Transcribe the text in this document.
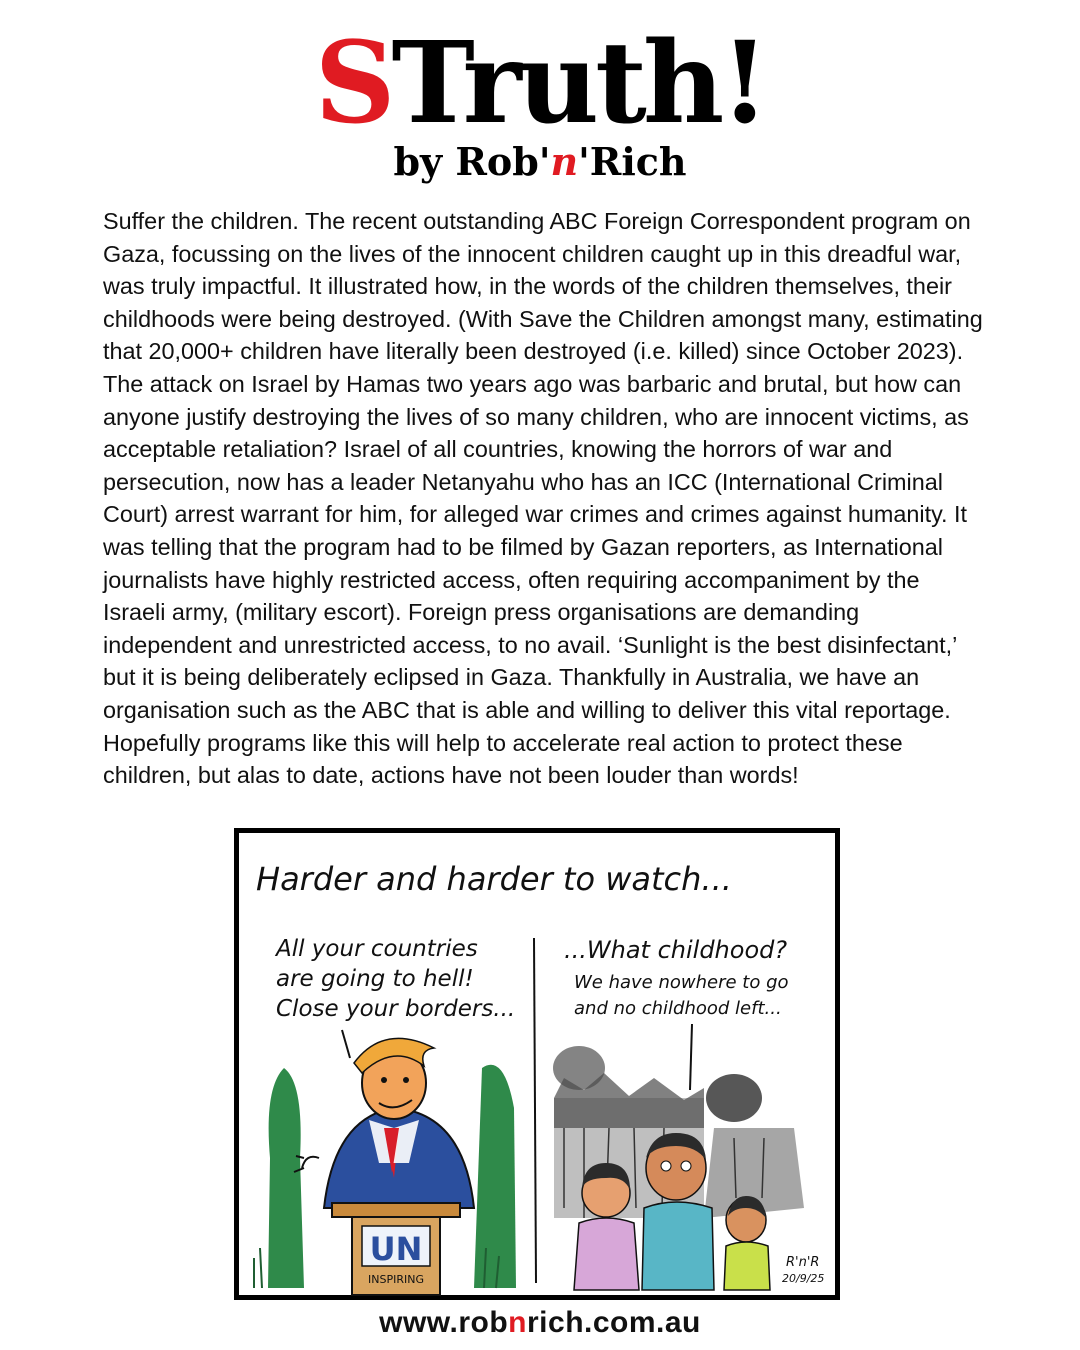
STruth!
by Rob'n'Rich
Suffer the children. The recent outstanding ABC Foreign Correspondent program on Gaza, focussing on the lives of the innocent children caught up in this dreadful war, was truly impactful. It illustrated how, in the words of the children themselves, their childhoods were being destroyed. (With Save the Children amongst many, estimating that 20,000+ children have literally been destroyed (i.e. killed) since October 2023). The attack on Israel by Hamas two years ago was barbaric and brutal, but how can anyone justify destroying the lives of so many children, who are innocent victims, as acceptable retaliation? Israel of all countries, knowing the horrors of war and persecution, now has a leader Netanyahu who has an ICC (International Criminal Court) arrest warrant for him, for alleged war crimes and crimes against humanity. It was telling that the program had to be filmed by Gazan reporters, as International journalists have highly restricted access, often requiring accompaniment by the Israeli army, (military escort). Foreign press organisations are demanding independent and unrestricted access, to no avail. ‘Sunlight is the best disinfectant,’ but it is being deliberately eclipsed in Gaza. Thankfully in Australia, we have an organisation such as the ABC that is able and willing to deliver this vital reportage. Hopefully programs like this will help to accelerate real action to protect these children, but alas to date, actions have not been louder than words!
Harder and harder to watch...
All your countries are going to hell! Close your borders...
...What childhood? We have nowhere to go and no childhood left...
UN
INSPIRING
R'n'R
20/9/25
www.robnrich.com.au
